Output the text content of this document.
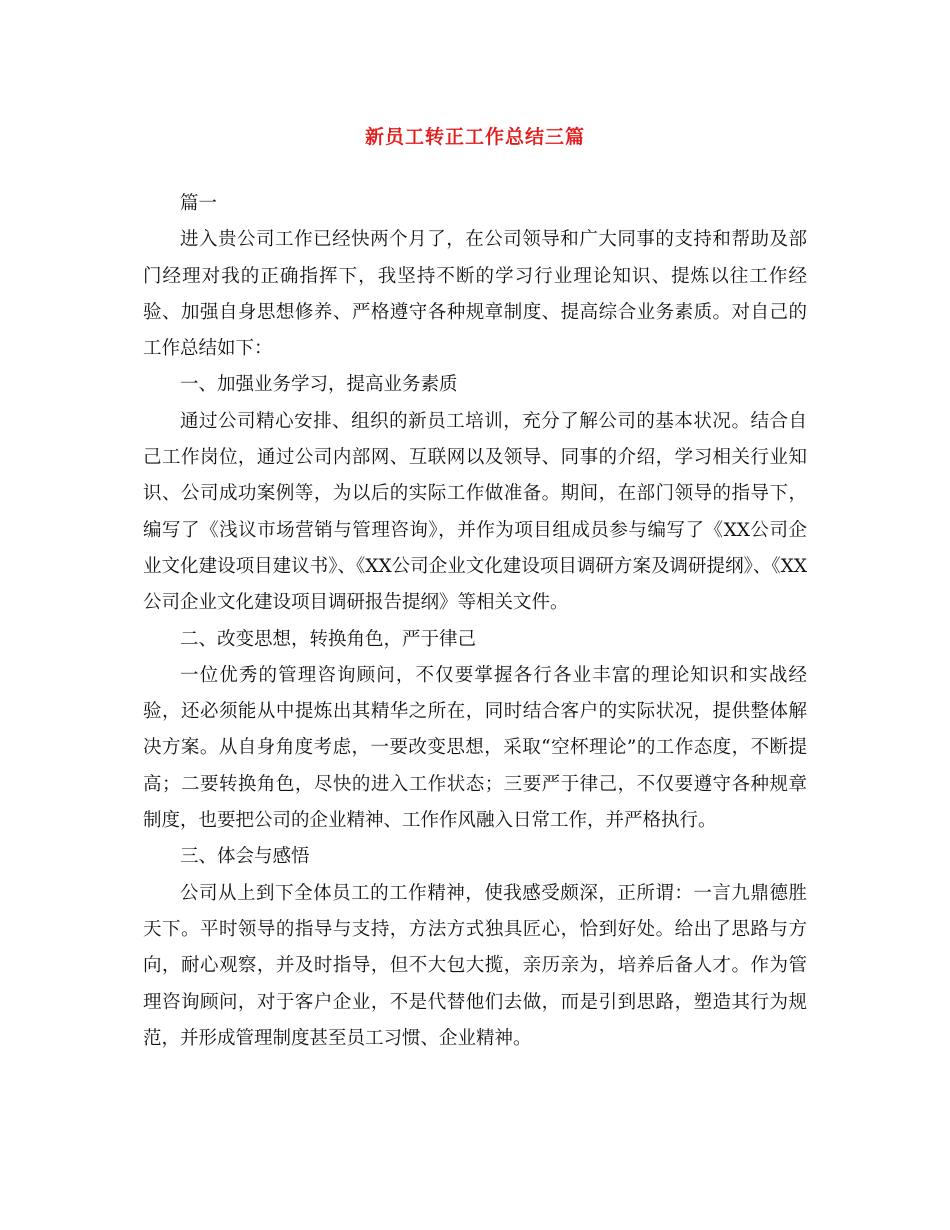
新员工转正工作总结三篇

篇一

进入贵公司工作已经快两个月了，在公司领导和广大同事的支持和帮助及部门经理对我的正确指挥下，我坚持不断的学习行业理论知识、提炼以往工作经验、加强自身思想修养、严格遵守各种规章制度、提高综合业务素质。对自己的工作总结如下：

一、加强业务学习，提高业务素质

通过公司精心安排、组织的新员工培训，充分了解公司的基本状况。结合自己工作岗位，通过公司内部网、互联网以及领导、同事的介绍，学习相关行业知识、公司成功案例等，为以后的实际工作做准备。期间，在部门领导的指导下，编写了《浅议市场营销与管理咨询》，并作为项目组成员参与编写了《XX公司企业文化建设项目建议书》、《XX公司企业文化建设项目调研方案及调研提纲》、《XX公司企业文化建设项目调研报告提纲》等相关文件。

二、改变思想，转换角色，严于律己

一位优秀的管理咨询顾问，不仅要掌握各行各业丰富的理论知识和实战经验，还必须能从中提炼出其精华之所在，同时结合客户的实际状况，提供整体解决方案。从自身角度考虑，一要改变思想，采取“空杯理论”的工作态度，不断提高；二要转换角色，尽快的进入工作状态；三要严于律己，不仅要遵守各种规章制度，也要把公司的企业精神、工作作风融入日常工作，并严格执行。

三、体会与感悟

公司从上到下全体员工的工作精神，使我感受颇深，正所谓：一言九鼎德胜天下。平时领导的指导与支持，方法方式独具匠心，恰到好处。给出了思路与方向，耐心观察，并及时指导，但不大包大揽，亲历亲为，培养后备人才。作为管理咨询顾问，对于客户企业，不是代替他们去做，而是引到思路，塑造其行为规范，并形成管理制度甚至员工习惯、企业精神。
